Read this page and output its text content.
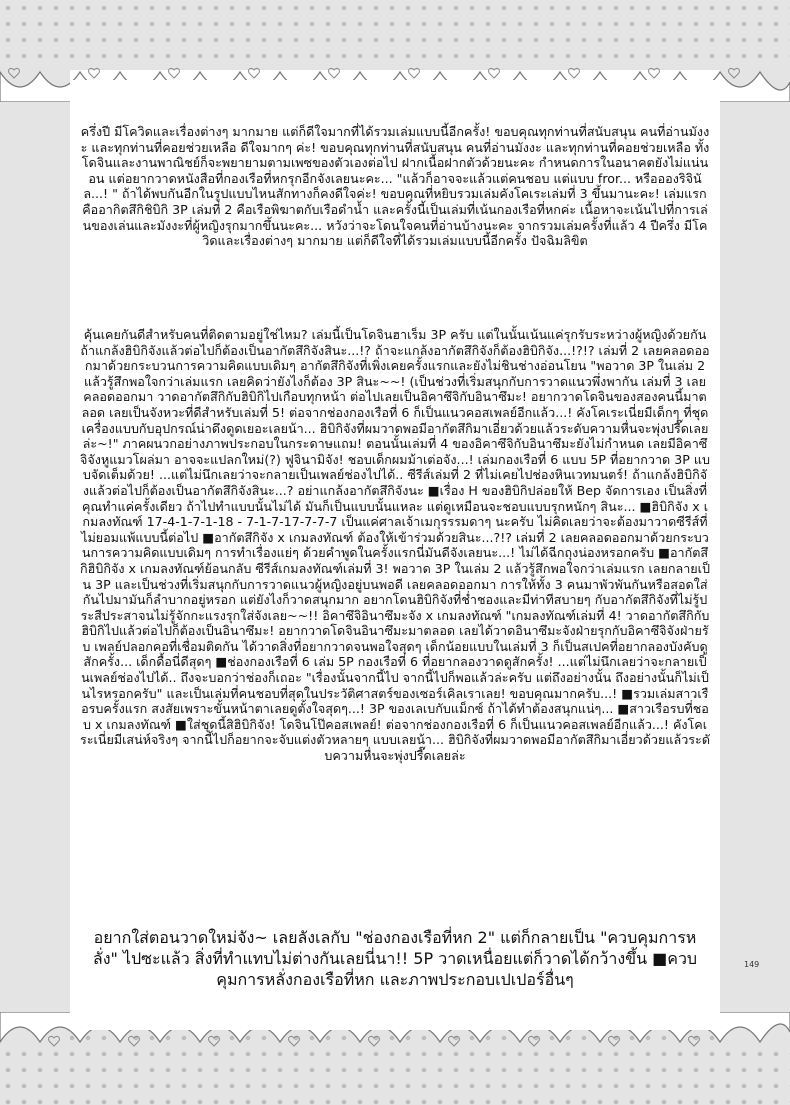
ครึ่งปี มีโควิดและเรื่องต่างๆ มากมาย แต่ก็ดีใจมากที่ได้รวมเล่มแบบนี้อีกครั้ง! ขอบคุณทุกท่านที่สนับสนุน คนที่อ่านมังงะ และทุกท่านที่คอยช่วยเหลือ ดีใจมากๆ ค่ะ! ขอบคุณทุกท่านที่สนับสนุน คนที่อ่านมังงะ และทุกท่านที่คอยช่วยเหลือ ทั้งโดจินและงานพาณิชย์ก็จะพยายามตามเพซของตัวเองต่อไป ฝากเนื้อฝากตัวด้วยนะคะ กำหนดการในอนาคตยังไม่แน่นอน แต่อยากวาดหนังสือที่กองเรือที่หกรุกอีกจังเลยนะคะ... "แล้วก็อาจจะแล้วแต่คนชอบ แต่แบบ fror... หรืออองริจินัล...! " ถ้าได้พบกันอีกในรูปแบบไหนสักทางก็คงดีใจค่ะ! ขอบคุณที่หยิบรวมเล่มคังโคเระเล่มที่ 3 ขึ้นมานะคะ! เล่มแรกคืออากิตสึกิชิบิกิ 3P เล่มที่ 2 คือเรือพิฆาตกับเรือดำน้ำ และครั้งนี้เป็นเล่มที่เน้นกองเรือที่หกค่ะ เนื้อหาจะเน้นไปที่การเล่นของเล่นและมังงะที่ผู้หญิงรุกมากขึ้นนะคะ... หวังว่าจะโดนใจคนที่อ่านบ้างนะคะ จากรวมเล่มครั้งที่แล้ว 4 ปีครึ่ง มีโควิดและเรื่องต่างๆ มากมาย แต่ก็ดีใจที่ได้รวมเล่มแบบนี้อีกครั้ง ปัจฉิมลิขิต

คุ้นเคยกันดีสำหรับคนที่ติดตามอยู่ใช่ไหม? เล่มนี้เป็นโดจินฮาเร็ม 3P ครับ แต่ในนั้นเน้นแค่รุกรับระหว่างผู้หญิงด้วยกัน ถ้าแกล้งฮิบิกิจังแล้วต่อไปก็ต้องเป็นอากัตสึกิจังสินะ...!? ถ้าจะแกล้งอากัตสึกิจังก็ต้องฮิบิกิจัง...!?!? เล่มที่ 2 เลยคลอดออกมาด้วยกระบวนการความคิดแบบเดิมๆ อากัตสึกิจังที่เพิ่งเคยครั้งแรกและยังไม่ชินช่างอ่อนโยน "พอวาด 3P ในเล่ม 2 แล้วรู้สึกพอใจกว่าเล่มแรก เลยคิดว่ายังไงก็ต้อง 3P สินะ~~! (เป็นช่วงที่เริ่มสนุกกับการวาดแนวพึ่งพากัน เล่มที่ 3 เลยคลอดออกมา วาดอากัตสึกิกับฮิบิกิไปเกือบทุกหน้า ต่อไปเลยเป็นอิคาซึจิกับอินาซึมะ! อยากวาดโดจินของสองคนนี้มาตลอด เลยเป็นจังหวะที่ดีสำหรับเล่มที่ 5! ต่อจากช่องกองเรือที่ 6 ก็เป็นแนวคอสเพลย์อีกแล้ว...! คังโคเระเนี่ยมีเด็กๆ ที่ชุดเครื่องแบบกับอุปกรณ์น่าดึงดูดเยอะเลยน้า... ฮิบิกิจังที่ผมวาดพอมีอากัตสึกิมาเอี่ยวด้วยแล้วระดับความหื่นจะพุ่งปรี๊ดเลยล่ะ~!" ภาคผนวกอย่างภาพประกอบในกระดาษแถม! ตอนนั้นเล่มที่ 4 ของอิคาซึจิกับอินาซึมะยังไม่กำหนด เลยมีอิคาซึจิจังหูแมวโผล่มา อาจจะแปลกใหม่(?) ฟูจินามิจัง! ชอบเด็กผมม้าเต่อจัง...! เล่มกองเรือที่ 6 แบบ 5P ที่อยากวาด 3P แบบจัดเต็มด้วย! ...แต่ไม่นึกเลยว่าจะกลายเป็นเพลย์ช่องไปได้.. ซีรีส์เล่มที่ 2 ที่ไม่เคยไปช่องหินเวทมนตร์! ถ้าแกล้งฮิบิกิจังแล้วต่อไปก็ต้องเป็นอากัตสึกิจังสินะ...? อย่าแกล้งอากัตสึกิจังนะ ■เรื่อง H ของฮิบิกิปล่อยให้ Bep จัดการเอง เป็นสิ่งที่คุณทำแค่ครั้งเดียว ถ้าไปทำแบบนั้นไม่ได้ มันก็เป็นแบบนั้นแหละ แต่ดูเหมือนจะชอบแบบรุกหนักๆ สินะ... ■ฮิบิกิจัง x เกมลงทัณฑ์ 17-4-1-7-1-18 - 7-1-7-17-7-7-7 เป็นแค่ศาลเจ้าเมกุรรรมดาๆ นะครับ ไม่คิดเลยว่าจะต้องมาวาดซีรีส์ที่ไม่ยอมแพ้แบบนี้ต่อไป ■อากัตสึกิจัง x เกมลงทัณฑ์ ต้องให้เข้าร่วมด้วยสินะ...?!? เล่มที่ 2 เลยคลอดออกมาด้วยกระบวนการความคิดแบบเดิมๆ การทำเรื่องแย่ๆ ด้วยคำพูดในครั้งแรกนี่มันดีจังเลยนะ...! ไม่ได้ฉีกถุงน่องหรอกครับ ■อากัตสึกิฮิบิกิจัง x เกมลงทัณฑ์ย้อนกลับ ซีรีส์เกมลงทัณฑ์เล่มที่ 3! พอวาด 3P ในเล่ม 2 แล้วรู้สึกพอใจกว่าเล่มแรก เลยกลายเป็น 3P และเป็นช่วงที่เริ่มสนุกกับการวาดแนวผู้หญิงอยู่บนพอดี เลยคลอดออกมา การให้ทั้ง 3 คนมาพัวพันกันหรือสอดใส่กันไปมามันก็ลำบากอยู่หรอก แต่ยังไงก็วาดสนุกมาก อยากโดนฮิบิกิจังที่ช่ำชองและมีท่าทีสบายๆ กับอากัตสึกิจังที่ไม่รู้ประสีประสาจนไม่รู้จักกะแรงรุกใส่จังเลย~~!! อิคาซึจิอินาซึมะจัง x เกมลงทัณฑ์ "เกมลงทัณฑ์เล่มที่ 4! วาดอากัตสึกิกับฮิบิกิไปแล้วต่อไปก็ต้องเป็นอินาซึมะ! อยากวาดโดจินอินาซึมะมาตลอด เลยได้วาดอินาซึมะจังฝ่ายรุกกับอิคาซึจิจังฝ่ายรับ เพลย์ปลอกคอที่เชื่อมติดกัน ได้วาดสิ่งที่อยากวาดจนพอใจสุดๆ เด็กน้อยแบบในเล่มที่ 3 ก็เป็นสเปคที่อยากลองบังคับดูสักครั้ง... เด็กดื้อนี่ดีสุดๆ ■ช่องกองเรือที่ 6 เล่ม 5P กองเรือที่ 6 ที่อยากลองวาดดูสักครั้ง! ...แต่ไม่นึกเลยว่าจะกลายเป็นเพลย์ช่องไปได้.. ถึงจะบอกว่าช่องก็เถอะ "เรื่องนั้นจากนี้ไป จากนี้ไปก็พอแล้วล่ะครับ แต่ถึงอย่างนั้น ถึงอย่างนั้นก็ไม่เป็นไรหรอกครับ" และเป็นเล่มที่คนชอบที่สุดในประวัติศาสตร์ของเซอร์เคิลเราเลย! ขอบคุณมากครับ...! ■รวมเล่มสาวเรือรบครั้งแรก สงสัยเพราะขั้นหน้าตาเลยดูตั้งใจสุดๆ...! 3P ของเลเบกับแม็กซ์ ถ้าได้ทำต้องสนุกแน่ๆ... ■สาวเรือรบที่ชอบ x เกมลงทัณฑ์ ■ใส่ชุดนี้สิฮิบิกิจัง! โดจินโป๊คอสเพลย์! ต่อจากช่องกองเรือที่ 6 ก็เป็นแนวคอสเพลย์อีกแล้ว...! คังโคเระเนี่ยมีเสน่ห์จริงๆ จากนี้ไปก็อยากจะจับแต่งตัวหลายๆ แบบเลยน้า... ฮิบิกิจังที่ผมวาดพอมีอากัตสึกิมาเอี่ยวด้วยแล้วระดับความหื่นจะพุ่งปรี๊ดเลยล่ะ

อยากใส่ตอนวาดใหม่จัง~ เลยลังเลกับ "ช่องกองเรือที่หก 2" แต่ก็กลายเป็น "ควบคุมการหลั่ง" ไปซะแล้ว สิ่งที่ทำแทบไม่ต่างกันเลยนี่นา!! 5P วาดเหนื่อยแต่ก็วาดได้กว้างขึ้น ■ควบคุมการหลั่งกองเรือที่หก และภาพประกอบเปเปอร์อื่นๆ

149
